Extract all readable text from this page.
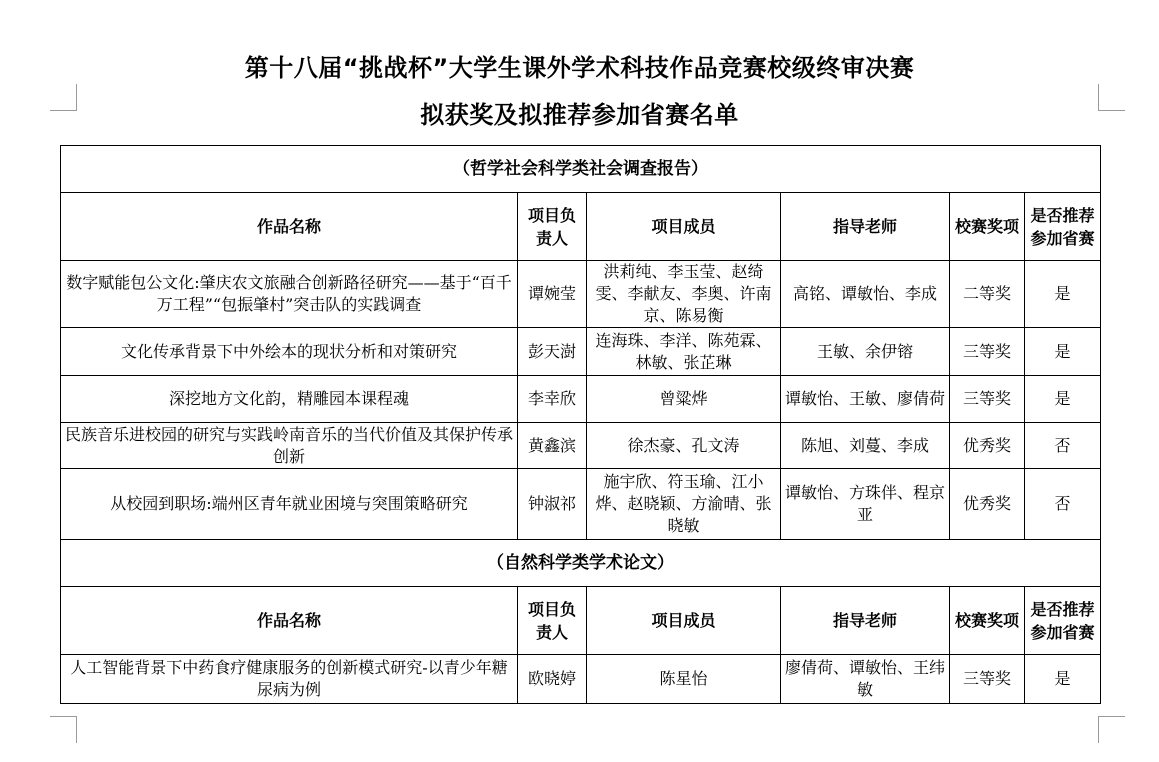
第十八届“挑战杯”大学生课外学术科技作品竞赛校级终审决赛
拟获奖及拟推荐参加省赛名单
（哲学社会科学类社会调查报告）					
作品名称	项目负责人	项目成员	指导老师	校赛奖项	是否推荐参加省赛
数字赋能包公文化:肇庆农文旅融合创新路径研究——基于“百千万工程”“包振肇村”突击队的实践调查	谭婉莹	洪莉纯、李玉莹、赵绮雯、李献友、李奥、许南京、陈易衡	高铭、谭敏怡、李成	二等奖	是
文化传承背景下中外绘本的现状分析和对策研究	彭天澍	连海珠、李洋、陈苑霖、林敏、张芷琳	王敏、余伊镕	三等奖	是
深挖地方文化韵，精雕园本课程魂	李幸欣	曾粱烨	谭敏怡、王敏、廖倩荷	三等奖	是
民族音乐进校园的研究与实践岭南音乐的当代价值及其保护传承创新	黄鑫滨	徐杰豪、孔文涛	陈旭、刘蔓、李成	优秀奖	否
从校园到职场:端州区青年就业困境与突围策略研究	钟淑祁	施宇欣、符玉瑜、江小烨、赵晓颖、方渝晴、张晓敏	谭敏怡、方珠伴、程京亚	优秀奖	否
（自然科学类学术论文）					
作品名称	项目负责人	项目成员	指导老师	校赛奖项	是否推荐参加省赛
人工智能背景下中药食疗健康服务的创新模式研究-以青少年糖尿病为例	欧晓婷	陈星怡	廖倩荷、谭敏怡、王纬敏	三等奖	是
